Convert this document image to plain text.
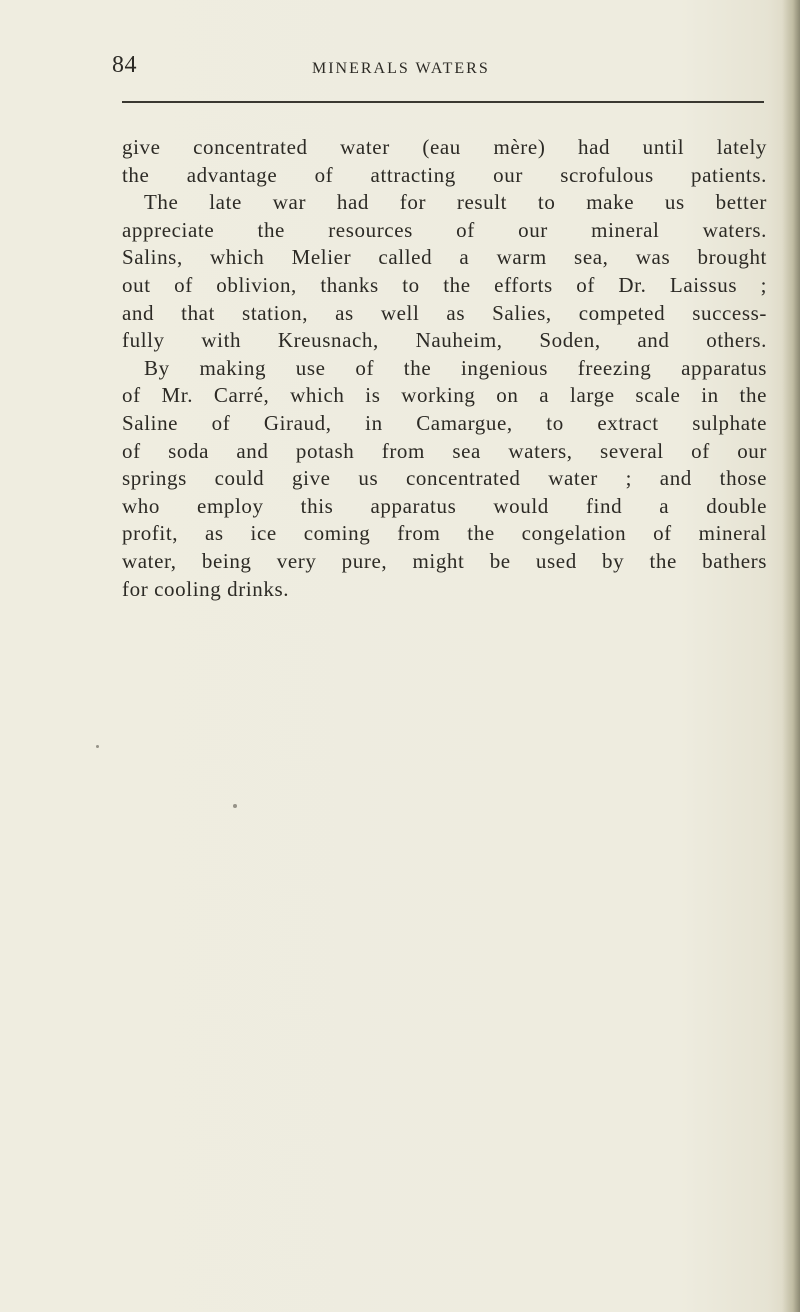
84	MINERALS WATERS
give concentrated water (eau mère) had until lately
the advantage of attracting our scrofulous patients.
The late war had for result to make us better
appreciate the resources of our mineral waters.
Salins, which Melier called a warm sea, was brought
out of oblivion, thanks to the efforts of Dr. Laissus ;
and that station, as well as Salies, competed success-
fully with Kreusnach, Nauheim, Soden, and others.
By making use of the ingenious freezing apparatus
of Mr. Carré, which is working on a large scale in the
Saline of Giraud, in Camargue, to extract sulphate
of soda and potash from sea waters, several of our
springs could give us concentrated water ; and those
who employ this apparatus would find a double
profit, as ice coming from the congelation of mineral
water, being very pure, might be used by the bathers
for cooling drinks.
